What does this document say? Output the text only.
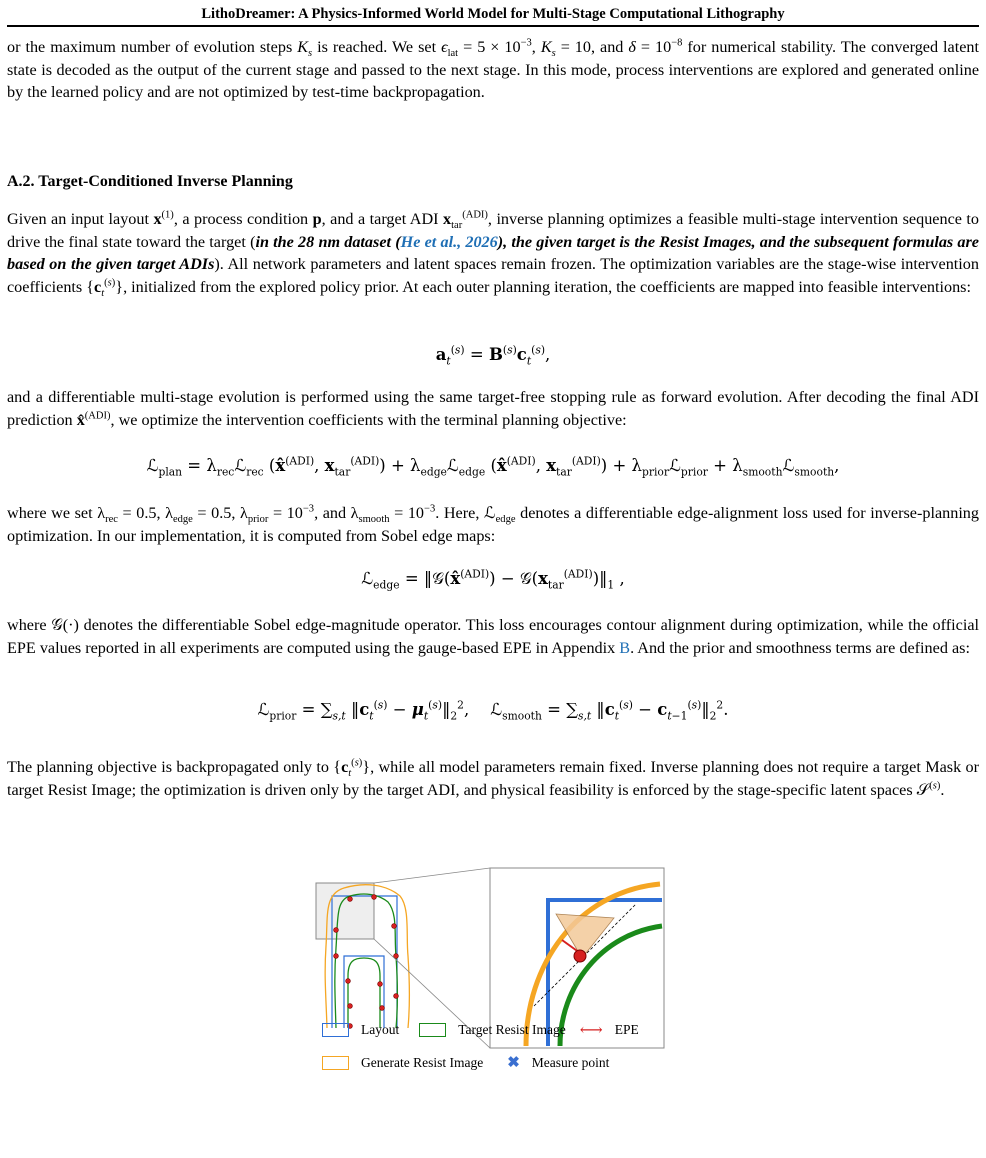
LithoDreamer: A Physics-Informed World Model for Multi-Stage Computational Lithography

or the maximum number of evolution steps $K_s$ is reached. We set $\epsilon_{lat} = 5 \times 10^{-3}$, $K_s = 10$, and $\delta = 10^{-8}$ for numerical stability. The converged latent state is decoded as the output of the current stage and passed to the next stage. In this mode, process interventions are explored and generated online by the learned policy and are not optimized by test-time backpropagation.

A.2. Target-Conditioned Inverse Planning

Given an input layout $x^{(1)}$, a process condition p, and a target ADI $x_{tar}^{(ADI)}$, inverse planning optimizes a feasible multi-stage intervention sequence to drive the final state toward the target (in the 28 nm dataset (He et al., 2026), the given target is the Resist Images, and the subsequent formulas are based on the given target ADIs). All network parameters and latent spaces remain frozen. The optimization variables are the stage-wise intervention coefficients $\{c_t^{(s)}\}$, initialized from the explored policy prior. At each outer planning iteration, the coefficients are mapped into feasible interventions:

$a_t^{(s)} = B^{(s)}c_t^{(s)}$,

and a differentiable multi-stage evolution is performed using the same target-free stopping rule as forward evolution. After decoding the final ADI prediction x̂$^{(ADI)}$, we optimize the intervention coefficients with the terminal planning objective:

ℒ$_{plan}$ = $\lambda_{rec}ℒ_{rec}$ (x̂$^{(ADI)}$, $x_{tar}^{(ADI)}$) + $\lambda_{edge}ℒ_{edge}$ (x̂$^{(ADI)}$, $x_{tar}^{(ADI)}$) + $\lambda_{prior}ℒ_{prior}$ + $\lambda_{smooth}ℒ_{smooth}$,

where we set $\lambda_{rec} = 0.5$, $\lambda_{edge} = 0.5$, $\lambda_{prior} = 10^{-3}$, and $\lambda_{smooth} = 10^{-3}$. Here, ℒ$_{edge}$ denotes a differentiable edge-alignment loss used for inverse-planning optimization. In our implementation, it is computed from Sobel edge maps:

ℒ$_{edge}$ = ‖𝒢(x̂$^{(ADI)}$) − $𝒢(x_{tar}^{(ADI)})‖_1$ ,

where 𝒢(·) denotes the differentiable Sobel edge-magnitude operator. This loss encourages contour alignment during optimization, while the official EPE values reported in all experiments are computed using the gauge-based EPE in Appendix B. And the prior and smoothness terms are defined as:

ℒ$_{prior}$ = $\sum_{s,t}$ $‖c_t^{(s)}$ − $\mu_t^{(s)}‖_2^2$,    ℒ$_{smooth}$ = $\sum_{s,t}$ $‖c_t^{(s)}$ − $c_{t-1}^{(s)}‖_2^2$.

The planning objective is backpropagated only to $\{c_t^{(s)}\}$, while all model parameters remain fixed. Inverse planning does not require a target Mask or target Resist Image; the optimization is driven only by the target ADI, and physical feasibility is enforced by the stage-specific latent spaces 𝒮$^{(s)}$.

Layout	Target Resist Image ⟷ EPE
Generate Resist Image ✖ Measure point
